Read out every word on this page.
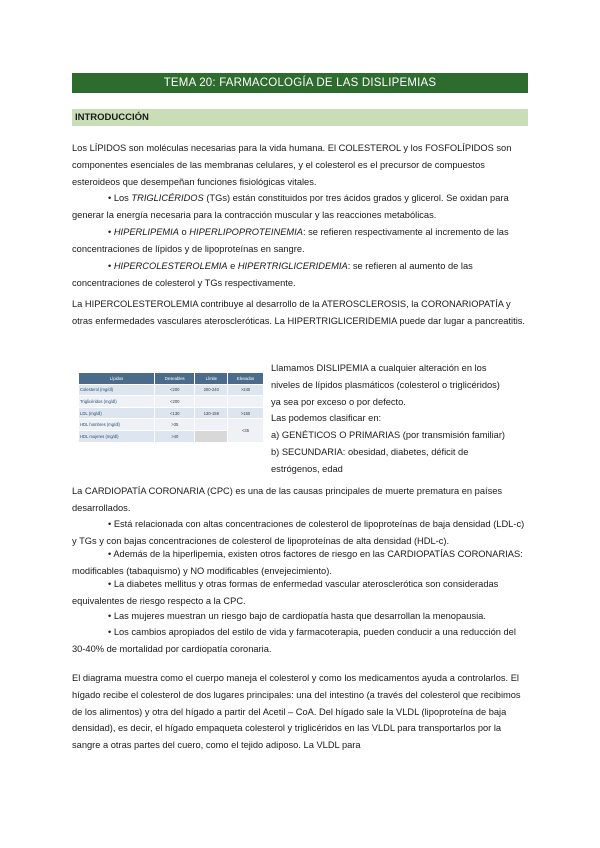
TEMA 20: FARMACOLOGÍA DE LAS DISLIPEMIAS
INTRODUCCIÓN
Los LÍPIDOS son moléculas necesarias para la vida humana. El COLESTEROL y los FOSFOLÍPIDOS son componentes esenciales de las membranas celulares, y el colesterol es el precursor de compuestos esteroideos que desempeñan funciones fisiológicas vitales.
• Los TRIGLICÉRIDOS (TGs) están constituidos por tres ácidos grados y glicerol. Se oxidan para generar la energía necesaria para la contracción muscular y las reacciones metabólicas.
• HIPERLIPEMIA o HIPERLIPOPROTEINEMIA: se refieren respectivamente al incremento de las concentraciones de lípidos y de lipoproteínas en sangre.
• HIPERCOLESTEROLEMIA e HIPERTRIGLICERIDEMIA: se refieren al aumento de las concentraciones de colesterol y TGs respectivamente.
La HIPERCOLESTEROLEMIA contribuye al desarrollo de la ATEROSCLEROSIS, la CORONARIOPATÍA y otras enfermedades vasculares ateroscleróticas. La HIPERTRIGLICERIDEMIA puede dar lugar a pancreatitis.
Lípidos	Deseables	Límite	Elevados
Colesterol (mg/dl)	<200	200-240	>240
Triglicéridos (mg/dl)	<200		
LDL (mg/dl)	<130	130-159	>160
HDL hombres (mg/dl)	>35		<35
HDL mujeres (mg/dl)	>40		
Llamamos DISLIPEMIA a cualquier alteración en los
niveles de lípidos plasmáticos (colesterol o triglicéridos)
ya sea por exceso o por defecto.
Las podemos clasificar en:
a) GENÉTICOS O PRIMARIAS (por transmisión familiar)
b) SECUNDARIA: obesidad, diabetes, déficit de
estrógenos, edad
La CARDIOPATÍA CORONARIA (CPC) es una de las causas principales de muerte prematura en países desarrollados.
• Está relacionada con altas concentraciones de colesterol de lipoproteínas de baja densidad (LDL-c) y TGs y con bajas concentraciones de colesterol de lipoproteínas de alta densidad (HDL-c).
• Además de la hiperlipemia, existen otros factores de riesgo en las CARDIOPATÍAS CORONARIAS: modificables (tabaquismo) y NO modificables (envejecimiento).
• La diabetes mellitus y otras formas de enfermedad vascular aterosclerótica son consideradas equivalentes de riesgo respecto a la CPC.
• Las mujeres muestran un riesgo bajo de cardiopatía hasta que desarrollan la menopausia.
• Los cambios apropiados del estilo de vida y farmacoterapia, pueden conducir a una reducción del 30-40% de mortalidad por cardiopatía coronaria.
El diagrama muestra como el cuerpo maneja el colesterol y como los medicamentos ayuda a controlarlos. El hígado recibe el colesterol de dos lugares principales: una del intestino (a través del colesterol que recibimos de los alimentos) y otra del hígado a partir del Acetil – CoA. Del hígado sale la VLDL (lipoproteína de baja densidad), es decir, el hígado empaqueta colesterol y triglicéridos en las VLDL para transportarlos por la sangre a otras partes del cuero, como el tejido adiposo. La VLDL para
